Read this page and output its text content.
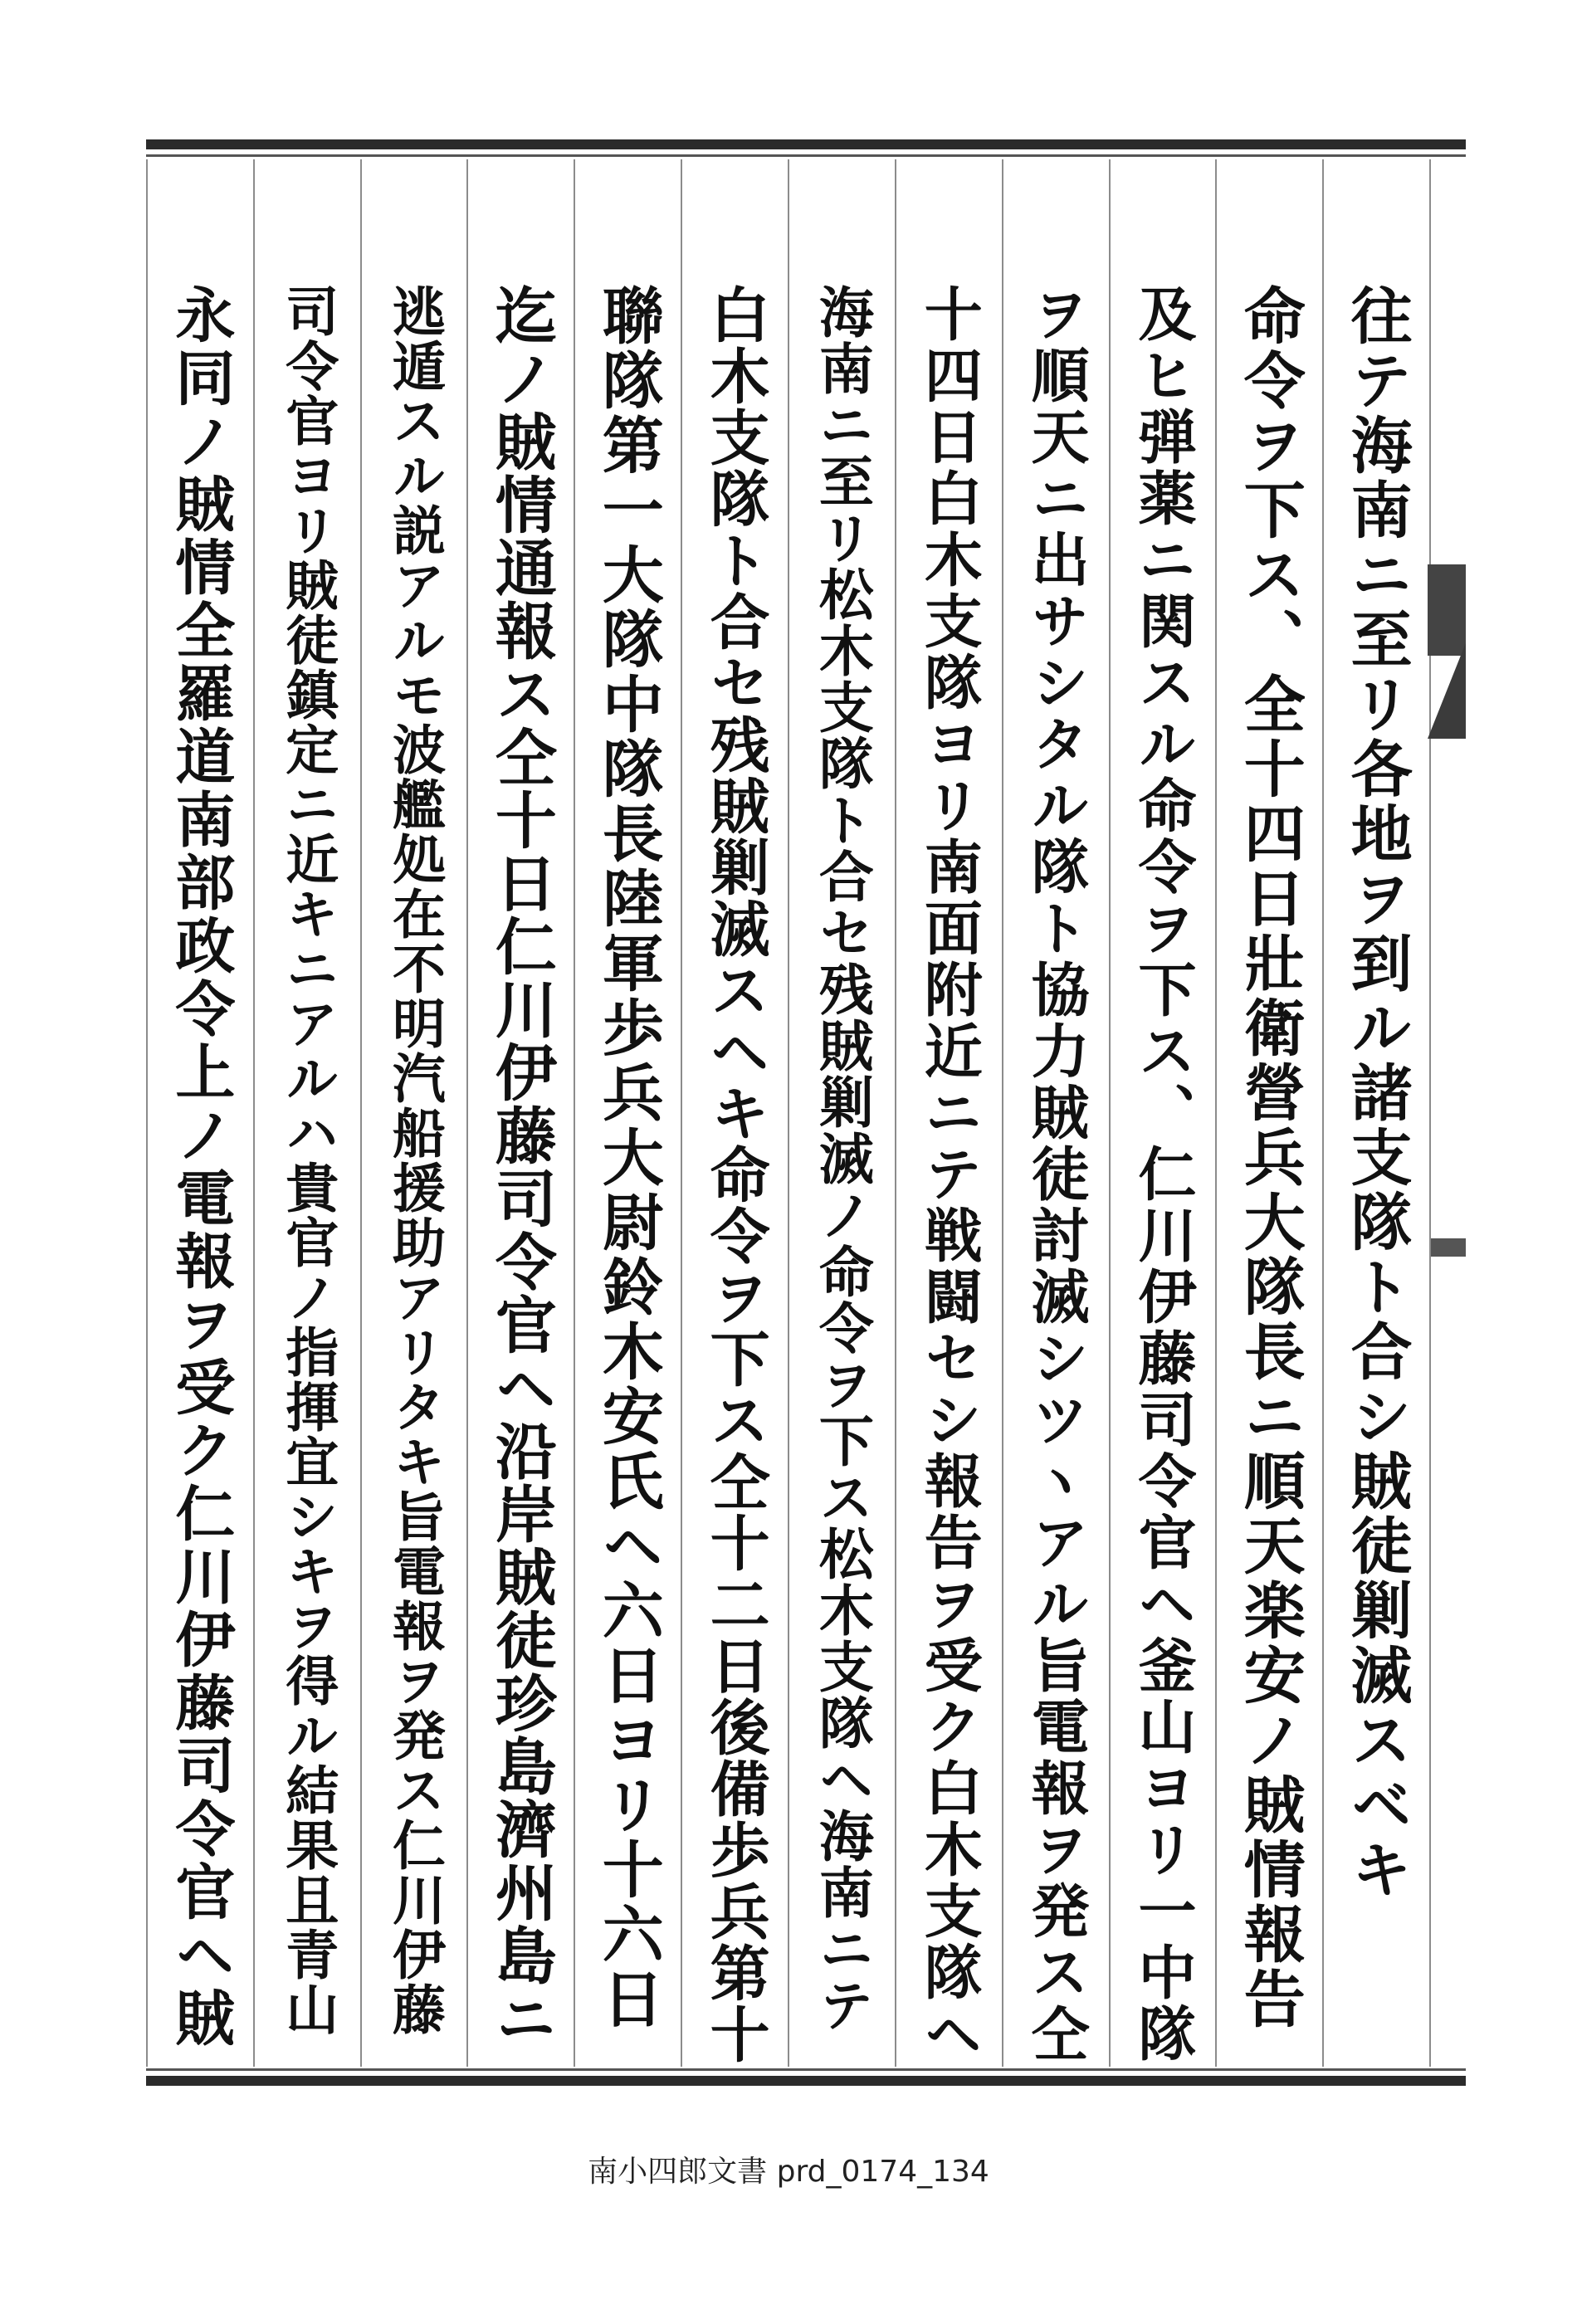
往テ海南ニ至リ各地ヲ到ル諸支隊ト合シ賊徒剿滅スベキ
命令ヲ下ス、全十四日壯衛營兵大隊長ニ順天楽安ノ賊情報告
及ヒ弾薬ニ関スル命令ヲ下ス、仁川伊藤司令官ヘ釜山ヨリ一中隊
ヲ順天ニ出サシタル隊ト協力賊徒討滅シツヽアル旨電報ヲ発ス仝
十四日白木支隊ヨリ南面附近ニテ戦闘セシ報告ヲ受ク白木支隊ヘ
海南ニ至リ松木支隊ト合セ残賊剿滅ノ命令ヲ下ス松木支隊ヘ海南ニテ
白木支隊ト合セ残賊剿滅スヘキ命令ヲ下ス仝十二日後備歩兵第十
聯隊第一大隊中隊長陸軍歩兵大尉鈴木安氏ヘ六日ヨリ十六日
迄ノ賊情通報ス仝十日仁川伊藤司令官ヘ沿岸賊徒珍島濟州島ニ
逃遁スル説アルモ波艦処在不明汽船援助アリタキ旨電報ヲ発ス仁川伊藤
司令官ヨリ賊徒鎮定ニ近キニアルハ貴官ノ指揮宜シキヲ得ル結果且青山
永同ノ賊情全羅道南部政令上ノ電報ヲ受ク仁川伊藤司令官ヘ賊
南小四郎文書 prd_0174_134
